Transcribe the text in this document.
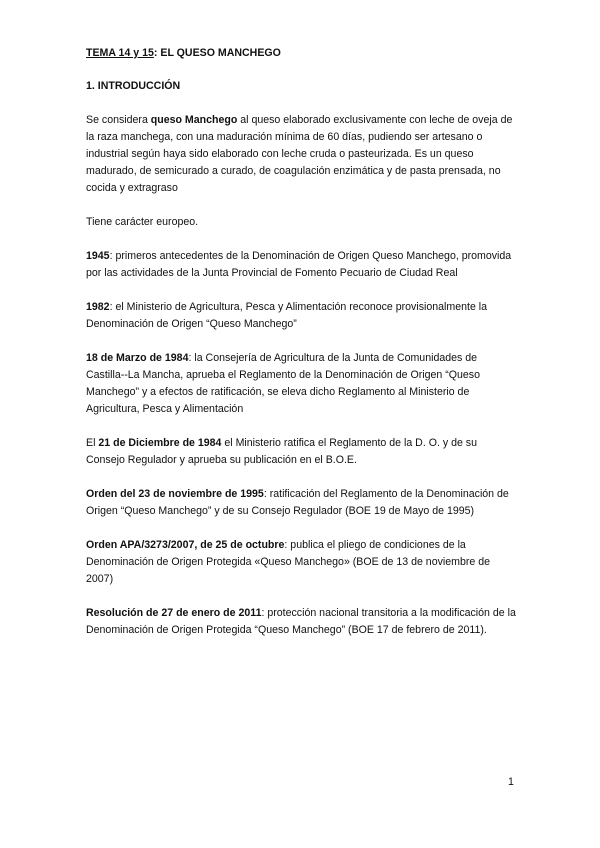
TEMA 14 y 15: EL QUESO MANCHEGO
1. INTRODUCCIÓN

Se considera queso Manchego al queso elaborado exclusivamente con leche de oveja de la raza manchega, con una maduración mínima de 60 días, pudiendo ser artesano o industrial según haya sido elaborado con leche cruda o pasteurizada. Es un queso madurado, de semicurado a curado, de coagulación enzimática y de pasta prensada, no cocida y extragraso

Tiene carácter europeo.

1945: primeros antecedentes de la Denominación de Origen Queso Manchego, promovida por las actividades de la Junta Provincial de Fomento Pecuario de Ciudad Real

1982: el Ministerio de Agricultura, Pesca y Alimentación reconoce provisionalmente la Denominación de Origen “Queso Manchego”

18 de Marzo de 1984: la Consejería de Agricultura de la Junta de Comunidades de Castilla--La Mancha, aprueba el Reglamento de la Denominación de Origen “Queso Manchego” y a efectos de ratificación, se eleva dicho Reglamento al Ministerio de Agricultura, Pesca y Alimentación

El 21 de Diciembre de 1984 el Ministerio ratifica el Reglamento de la D. O. y de su Consejo Regulador y aprueba su publicación en el B.O.E.

Orden del 23 de noviembre de 1995: ratificación del Reglamento de la Denominación de Origen “Queso Manchego” y de su Consejo Regulador (BOE 19 de Mayo de 1995)

Orden APA/3273/2007, de 25 de octubre: publica el pliego de condiciones de la Denominación de Origen Protegida «Queso Manchego» (BOE de 13 de noviembre de 2007)

Resolución de 27 de enero de 2011: protección nacional transitoria a la modificación de la Denominación de Origen Protegida “Queso Manchego” (BOE 17 de febrero de 2011).

1
